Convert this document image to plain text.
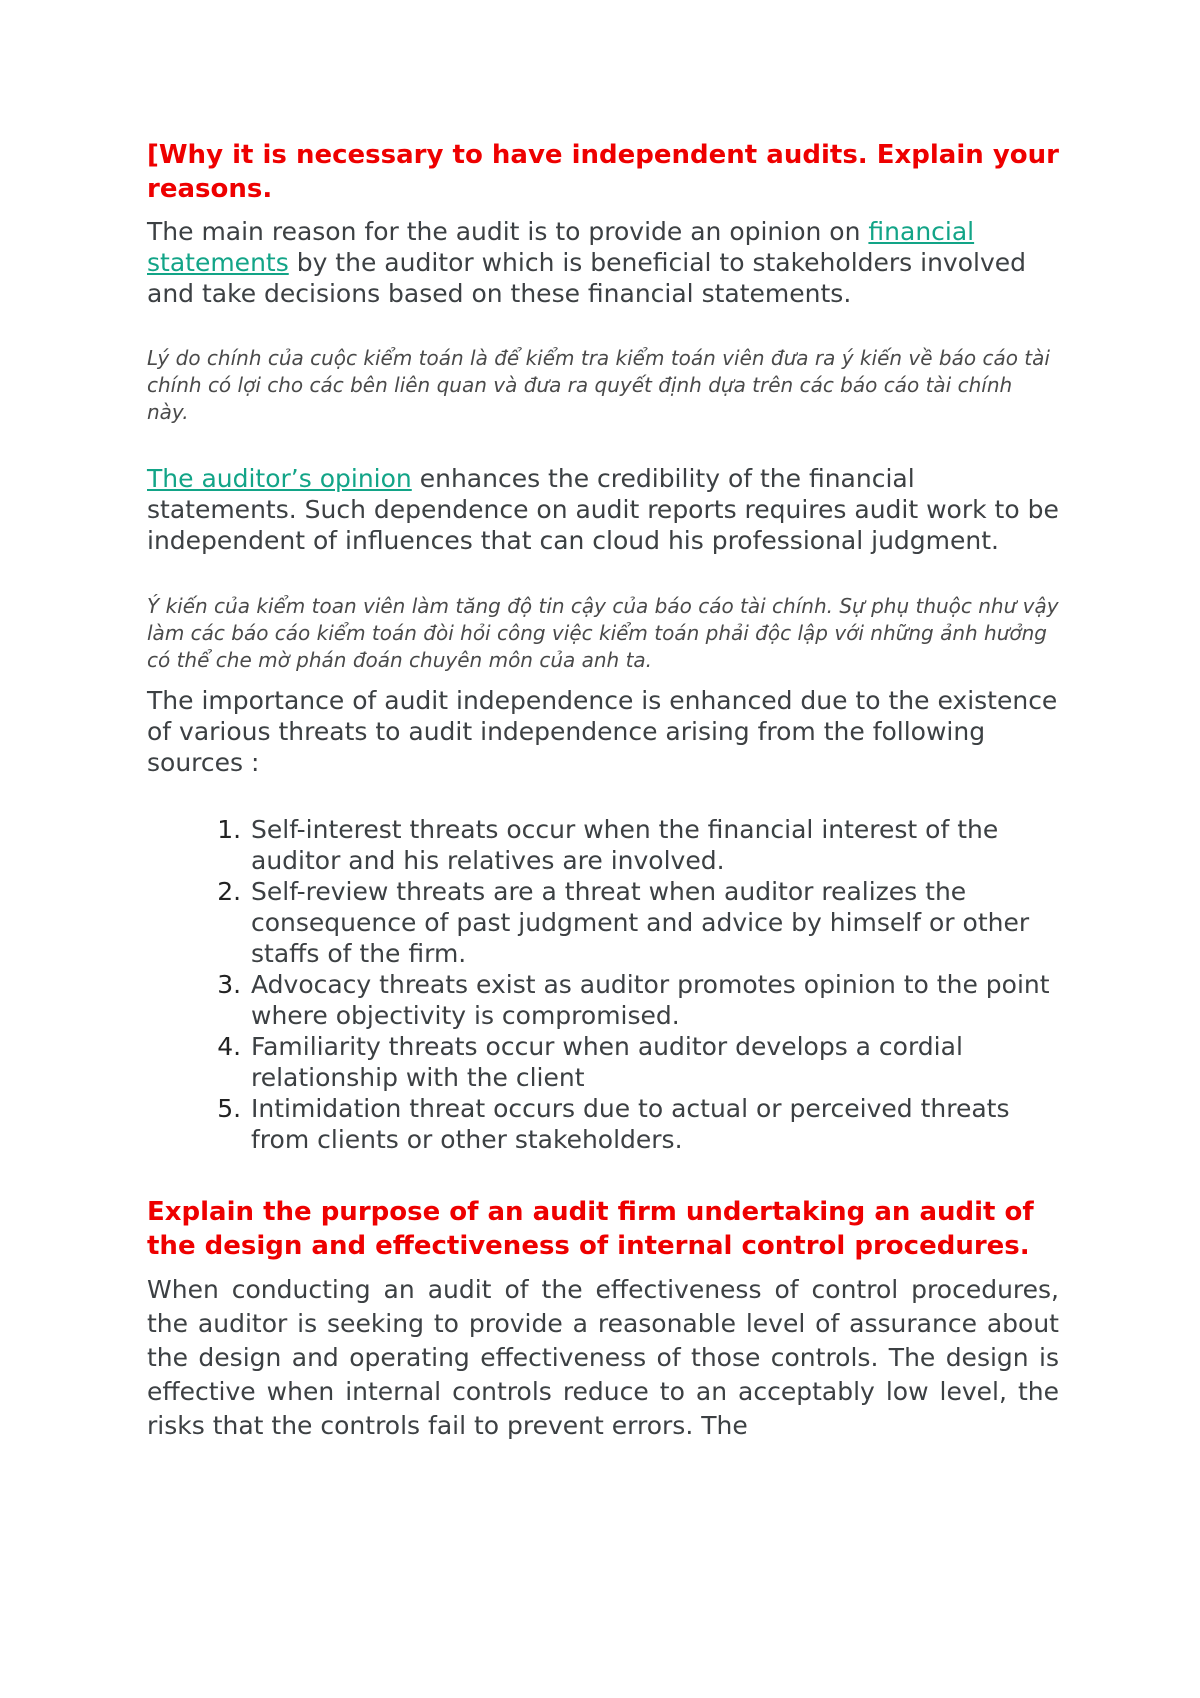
[Why it is necessary to have independent audits. Explain your reasons.

The main reason for the audit is to provide an opinion on financial statements by the auditor which is beneficial to stakeholders involved and take decisions based on these financial statements.

Lý do chính của cuộc kiểm toán là để kiểm tra kiểm toán viên đưa ra ý kiến về báo cáo tài chính có lợi cho các bên liên quan và đưa ra quyết định dựa trên các báo cáo tài chính này.

The auditor’s opinion enhances the credibility of the financial statements. Such dependence on audit reports requires audit work to be independent of influences that can cloud his professional judgment.

Ý kiến của kiểm toan viên làm tăng độ tin cậy của báo cáo tài chính. Sự phụ thuộc như vậy làm các báo cáo kiểm toán đòi hỏi công việc kiểm toán phải độc lập với những ảnh hưởng có thể che mờ phán đoán chuyên môn của anh ta.

The importance of audit independence is enhanced due to the existence of various threats to audit independence arising from the following sources :

1. Self-interest threats occur when the financial interest of the auditor and his relatives are involved.
2. Self-review threats are a threat when auditor realizes the consequence of past judgment and advice by himself or other staffs of the firm.
3. Advocacy threats exist as auditor promotes opinion to the point where objectivity is compromised.
4. Familiarity threats occur when auditor develops a cordial relationship with the client
5. Intimidation threat occurs due to actual or perceived threats from clients or other stakeholders.
Explain the purpose of an audit firm undertaking an audit of the design and effectiveness of internal control procedures.

When conducting an audit of the effectiveness of control procedures, the auditor is seeking to provide a reasonable level of assurance about the design and operating effectiveness of those controls. The design is effective when internal controls reduce to an acceptably low level, the risks that the controls fail to prevent errors. The
